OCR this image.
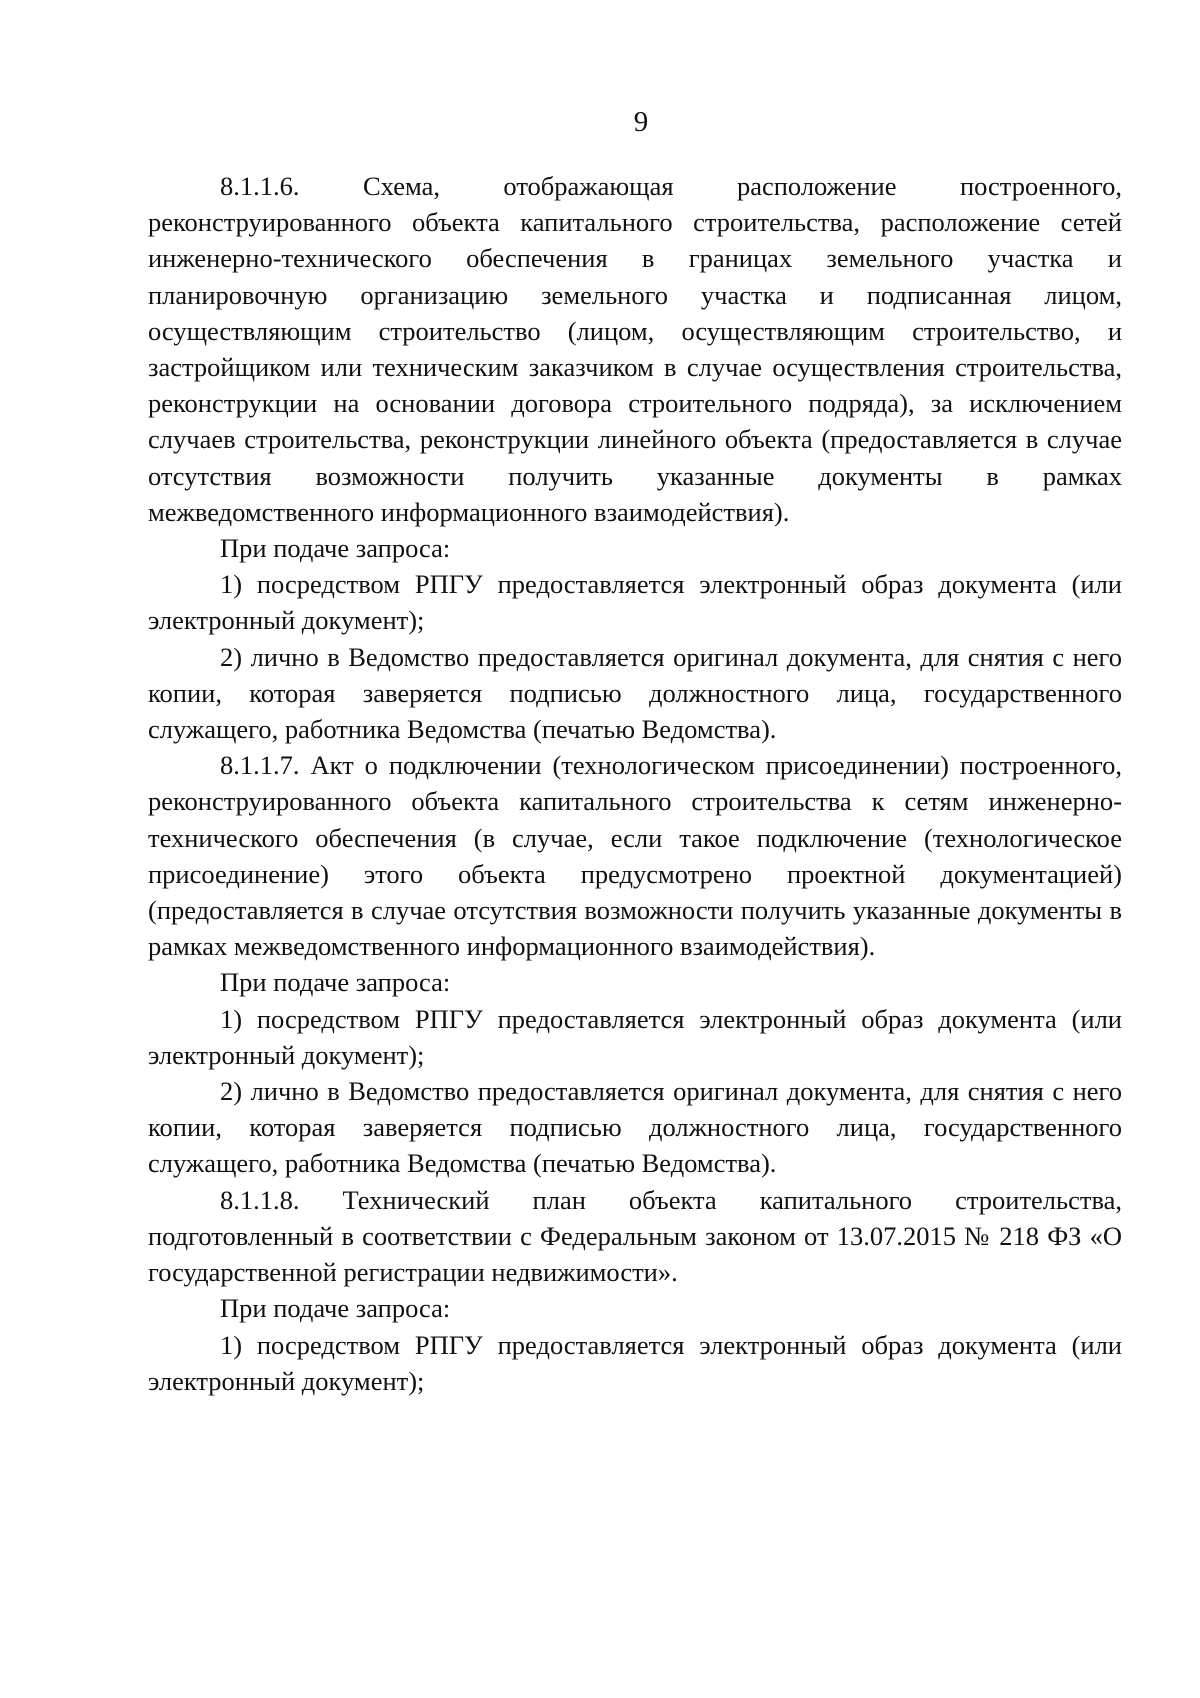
9

8.1.1.6. Схема, отображающая расположение построенного, реконструированного объекта капитального строительства, расположение сетей инженерно-технического обеспечения в границах земельного участка и планировочную организацию земельного участка и подписанная лицом, осуществляющим строительство (лицом, осуществляющим строительство, и застройщиком или техническим заказчиком в случае осуществления строительства, реконструкции на основании договора строительного подряда), за исключением случаев строительства, реконструкции линейного объекта (предоставляется в случае отсутствия возможности получить указанные документы в рамках межведомственного информационного взаимодействия).

При подаче запроса:

1) посредством РПГУ предоставляется электронный образ документа (или электронный документ);

2) лично в Ведомство предоставляется оригинал документа, для снятия с него копии, которая заверяется подписью должностного лица, государственного служащего, работника Ведомства (печатью Ведомства).

8.1.1.7. Акт о подключении (технологическом присоединении) построенного, реконструированного объекта капитального строительства к сетям инженерно-технического обеспечения (в случае, если такое подключение (технологическое присоединение) этого объекта предусмотрено проектной документацией) (предоставляется в случае отсутствия возможности получить указанные документы в рамках межведомственного информационного взаимодействия).

При подаче запроса:

1) посредством РПГУ предоставляется электронный образ документа (или электронный документ);

2) лично в Ведомство предоставляется оригинал документа, для снятия с него копии, которая заверяется подписью должностного лица, государственного служащего, работника Ведомства (печатью Ведомства).

8.1.1.8. Технический план объекта капитального строительства, подготовленный в соответствии с Федеральным законом от 13.07.2015 № 218 ФЗ «О государственной регистрации недвижимости».

При подаче запроса:

1) посредством РПГУ предоставляется электронный образ документа (или электронный документ);
